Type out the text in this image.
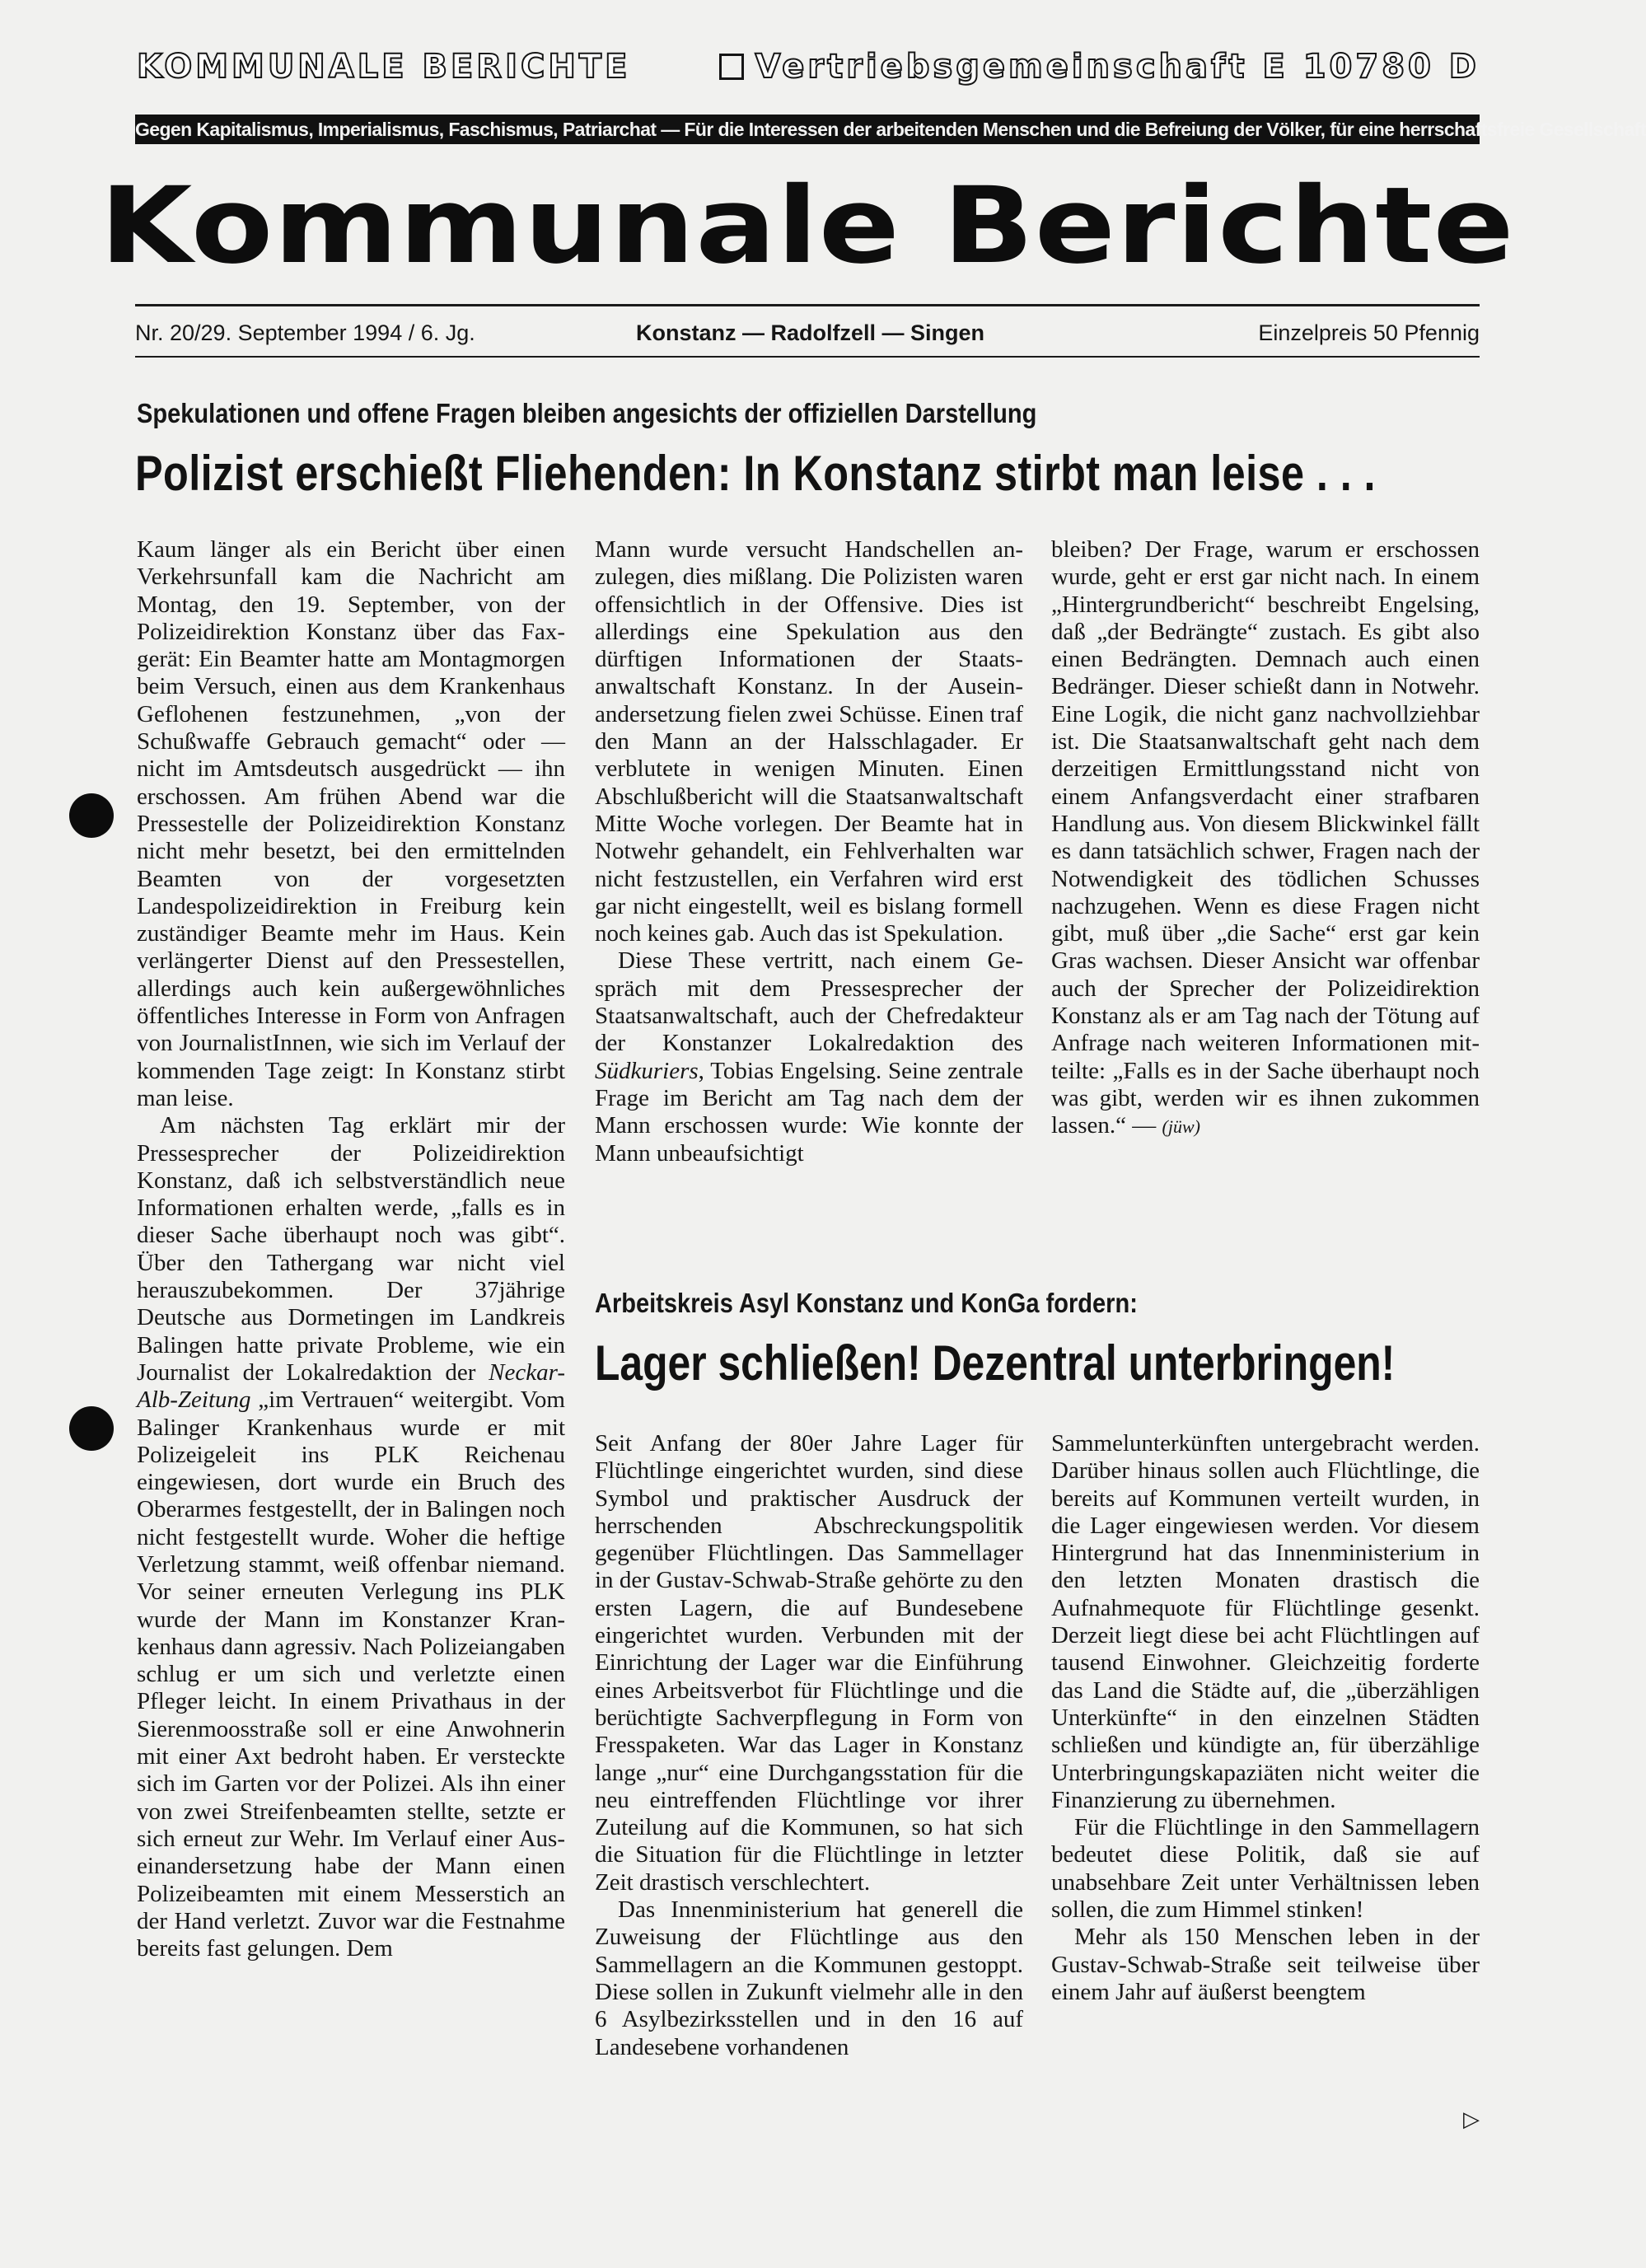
KOMMUNALE BERICHTE	Vertriebsgemeinschaft E 10780 D
Gegen Kapitalismus, Imperialismus, Faschismus, Patriarchat — Für die Interessen der arbeitenden Menschen und die Befreiung der Völker, für eine herrschaftsfreie Gesellschaft
Kommunale Berichte
Nr. 20/29. September 1994 / 6. Jg.	Konstanz — Radolfzell — Singen	Einzelpreis 50 Pfennig
Spekulationen und offene Fragen bleiben angesichts der offiziellen Darstellung
Polizist erschießt Fliehenden: In Konstanz stirbt man leise . . .

Kaum länger als ein Bericht über einen Verkehrsunfall kam die Nachricht am Montag, den 19. September, von der Polizeidirektion Konstanz über das Faxgerät: Ein Beamter hatte am Montagmorgen beim Versuch, einen aus dem Krankenhaus Geflohenen festzunehmen, „von der Schußwaffe Gebrauch gemacht“ oder — nicht im Amtsdeutsch ausgedrückt — ihn erschossen. Am frühen Abend war die Pressestelle der Polizeidirektion Konstanz nicht mehr besetzt, bei den ermittelnden Beamten von der vorgesetzten Landespolizeidirektion in Freiburg kein zuständiger Beamte mehr im Haus. Kein verlängerter Dienst auf den Pressestellen, allerdings auch kein außergewöhnliches öffentliches Interesse in Form von Anfragen von JournalistInnen, wie sich im Verlauf der kommenden Tage zeigt: In Konstanz stirbt man leise.

Am nächsten Tag erklärt mir der Pressesprecher der Polizeidirektion Konstanz, daß ich selbstverständlich neue Informationen erhalten werde, „falls es in dieser Sache überhaupt noch was gibt“. Über den Tathergang war nicht viel herauszubekommen. Der 37jährige Deutsche aus Dormetingen im Landkreis Balingen hatte private Probleme, wie ein Journalist der Lokalredaktion der Neckar-Alb-Zeitung „im Vertrauen“ weitergibt. Vom Balinger Krankenhaus wurde er mit Polizeigeleit ins PLK Reichenau eingewiesen, dort wurde ein Bruch des Oberarmes festgestellt, der in Balingen noch nicht festgestellt wurde. Woher die heftige Verletzung stammt, weiß offenbar niemand. Vor seiner erneuten Verlegung ins PLK wurde der Mann im Konstanzer Krankenhaus dann agressiv. Nach Polizeiangaben schlug er um sich und verletzte einen Pfleger leicht. In einem Privathaus in der Sierenmoosstraße soll er eine Anwohnerin mit einer Axt bedroht haben. Er versteckte sich im Garten vor der Polizei. Als ihn einer von zwei Streifenbeamten stellte, setzte er sich erneut zur Wehr. Im Verlauf einer Auseinandersetzung habe der Mann einen Polizeibeamten mit einem Messerstich an der Hand verletzt. Zuvor war die Festnahme bereits fast gelungen. Dem

Mann wurde versucht Handschellen anzulegen, dies mißlang. Die Polizisten waren offensichtlich in der Offensive. Dies ist allerdings eine Spekulation aus den dürftigen Informationen der Staatsanwaltschaft Konstanz. In der Auseinandersetzung fielen zwei Schüsse. Einen traf den Mann an der Halsschlagader. Er verblutete in wenigen Minuten. Einen Abschlußbericht will die Staatsanwaltschaft Mitte Woche vorlegen. Der Beamte hat in Notwehr gehandelt, ein Fehlverhalten war nicht festzustellen, ein Verfahren wird erst gar nicht eingestellt, weil es bislang formell noch keines gab. Auch das ist Spekulation.

Diese These vertritt, nach einem Gespräch mit dem Pressesprecher der Staatsanwaltschaft, auch der Chefredakteur der Konstanzer Lokalredaktion des Südkuriers, Tobias Engelsing. Seine zentrale Frage im Bericht am Tag nach dem der Mann erschossen wurde: Wie konnte der Mann unbeaufsichtigt

bleiben? Der Frage, warum er erschossen wurde, geht er erst gar nicht nach. In einem „Hintergrundbericht“ beschreibt Engelsing, daß „der Bedrängte“ zustach. Es gibt also einen Bedrängten. Demnach auch einen Bedränger. Dieser schießt dann in Notwehr. Eine Logik, die nicht ganz nachvollziehbar ist. Die Staatsanwaltschaft geht nach dem derzeitigen Ermittlungsstand nicht von einem Anfangsverdacht einer strafbaren Handlung aus. Von diesem Blickwinkel fällt es dann tatsächlich schwer, Fragen nach der Notwendigkeit des tödlichen Schusses nachzugehen. Wenn es diese Fragen nicht gibt, muß über „die Sache“ erst gar kein Gras wachsen. Dieser Ansicht war offenbar auch der Sprecher der Polizeidirektion Konstanz als er am Tag nach der Tötung auf Anfrage nach weiteren Informationen mitteilte: „Falls es in der Sache überhaupt noch was gibt, werden wir es ihnen zukommen lassen.“ — (jüw)

Arbeitskreis Asyl Konstanz und KonGa fordern:
Lager schließen! Dezentral unterbringen!

Seit Anfang der 80er Jahre Lager für Flüchtlinge eingerichtet wurden, sind diese Symbol und praktischer Ausdruck der herrschenden Abschreckungspolitik gegenüber Flüchtlingen. Das Sammellager in der Gustav-Schwab-Straße gehörte zu den ersten Lagern, die auf Bundesebene eingerichtet wurden. Verbunden mit der Einrichtung der Lager war die Einführung eines Arbeitsverbot für Flüchtlinge und die berüchtigte Sachverpflegung in Form von Fresspaketen. War das Lager in Konstanz lange „nur“ eine Durchgangsstation für die neu eintreffenden Flüchtlinge vor ihrer Zuteilung auf die Kommunen, so hat sich die Situation für die Flüchtlinge in letzter Zeit drastisch verschlechtert.

Das Innenministerium hat generell die Zuweisung der Flüchtlinge aus den Sammellagern an die Kommunen gestoppt. Diese sollen in Zukunft vielmehr alle in den 6 Asylbezirksstellen und in den 16 auf Landesebene vorhandenen

Sammelunterkünften untergebracht werden. Darüber hinaus sollen auch Flüchtlinge, die bereits auf Kommunen verteilt wurden, in die Lager eingewiesen werden. Vor diesem Hintergrund hat das Innenministerium in den letzten Monaten drastisch die Aufnahmequote für Flüchtlinge gesenkt. Derzeit liegt diese bei acht Flüchtlingen auf tausend Einwohner. Gleichzeitig forderte das Land die Städte auf, die „überzähligen Unterkünfte“ in den einzelnen Städten schließen und kündigte an, für überzählige Unterbringungskapaziäten nicht weiter die Finanzierung zu übernehmen.

Für die Flüchtlinge in den Sammellagern bedeutet diese Politik, daß sie auf unabsehbare Zeit unter Verhältnissen leben sollen, die zum Himmel stinken!

Mehr als 150 Menschen leben in der Gustav-Schwab-Straße seit teilweise über einem Jahr auf äußerst beengtem

▷
